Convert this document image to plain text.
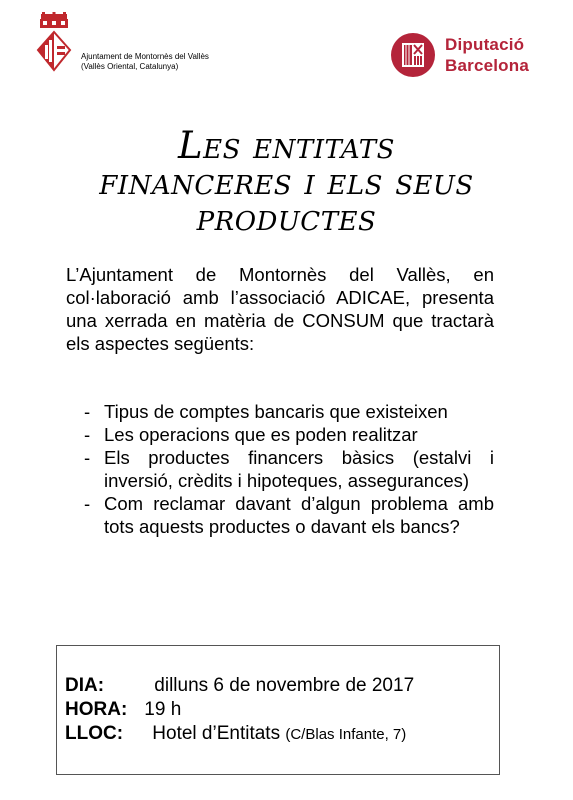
Ajuntament de Montornès del Vallès
(Vallès Oriental, Catalunya)
Diputació
Barcelona
Les entitats
financeres i els seus
productes

L’Ajuntament de Montornès del Vallès, en col·laboració amb l’associació ADICAE, presenta una xerrada en matèria de CONSUM que tractarà els aspectes següents:

- Tipus de comptes bancaris que existeixen
- Les operacions que es poden realitzar
- Els productes financers bàsics (estalvi i inversió, crèdits i hipoteques, assegurances)
- Com reclamar davant d’algun problema amb tots aquests productes o davant els bancs?
DIA:	dilluns 6 de novembre de 2017
HORA: 19 h
LLOC: Hotel d’Entitats (C/Blas Infante, 7)
